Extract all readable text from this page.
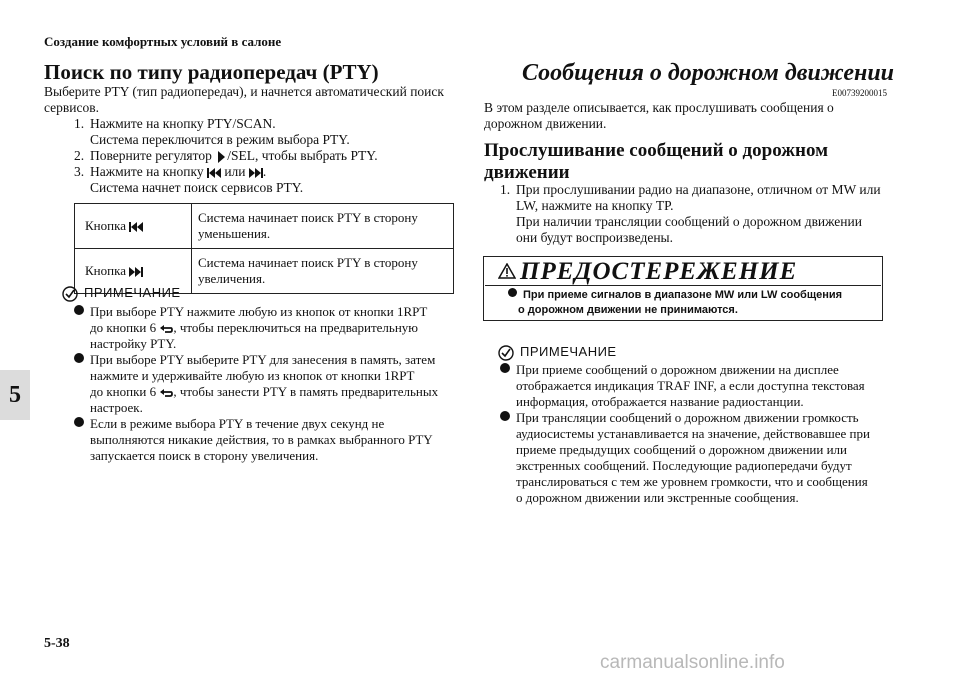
Создание комфортных условий в салоне
5
Поиск по типу радиопередач (PTY)
Выберите PTY (тип радиопередач), и начнется автоматический поиск
сервисов.
1. Нажмите на кнопку PTY/SCAN.
Система переключится в режим выбора PTY.
2. Поверните регулятор /SEL, чтобы выбрать PTY.
3. Нажмите на кнопку или .
Система начнет поиск сервисов PTY.
Кнопка	Система начинает поиск PTY в сторону
уменьшения.

Кнопка	Система начинает поиск PTY в сторону
увеличения.
ПРИМЕЧАНИЕ
При выборе PTY нажмите любую из кнопок от кнопки 1RPT
до кнопки 6 , чтобы переключиться на предварительную
настройку PTY.
При выборе PTY выберите PTY для занесения в память, затем
нажмите и удерживайте любую из кнопок от кнопки 1RPT
до кнопки 6 , чтобы занести PTY в память предварительных
настроек.
Если в режиме выбора PTY в течение двух секунд не
выполняются никакие действия, то в рамках выбранного PTY
запускается поиск в сторону увеличения.
Сообщения о дорожном движении
E00739200015
В этом разделе описывается, как прослушивать сообщения о
дорожном движении.
Прослушивание сообщений о дорожном
движении
1. При прослушивании радио на диапазоне, отличном от MW или
LW, нажмите на кнопку TP.
При наличии трансляции сообщений о дорожном движении
они будут воспроизведены.
ПРЕДОСТЕРЕЖЕНИЕ
При приеме сигналов в диапазоне MW или LW сообщения
о дорожном движении не принимаются.
ПРИМЕЧАНИЕ
При приеме сообщений о дорожном движении на дисплее
отображается индикация TRAF INF, а если доступна текстовая
информация, отображается название радиостанции.
При трансляции сообщений о дорожном движении громкость
аудиосистемы устанавливается на значение, действовавшее при
приеме предыдущих сообщений о дорожном движении или
экстренных сообщений. Последующие радиопередачи будут
транслироваться с тем же уровнем громкости, что и сообщения
о дорожном движении или экстренные сообщения.
5-38
carmanualsonline.info
